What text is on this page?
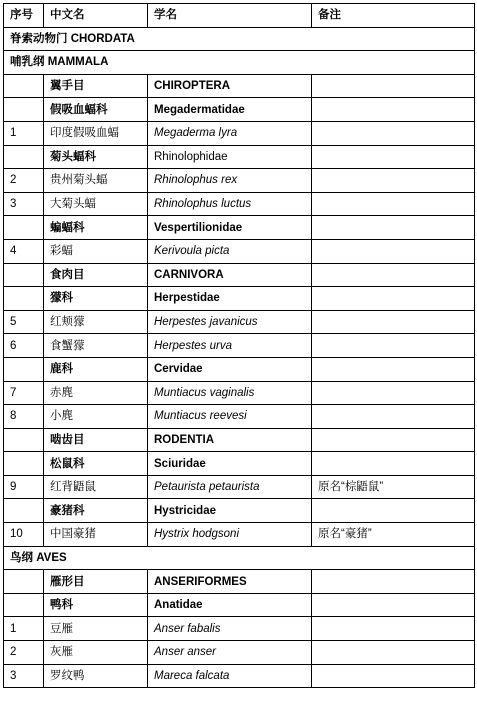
序号	中文名	学名	备注
脊索动物门 CHORDATA			
哺乳纲 MAMMALA			
	翼手目	CHIROPTERA	
	假吸血蝠科	Megadermatidae	
1	印度假吸血蝠	Megaderma lyra	
	菊头蝠科	Rhinolophidae	
2	贵州菊头蝠	Rhinolophus rex	
3	大菊头蝠	Rhinolophus luctus	
	蝙蝠科	Vespertilionidae	
4	彩蝠	Kerivoula picta	
	食肉目	CARNIVORA	
	獴科	Herpestidae	
5	红颊獴	Herpestes javanicus	
6	食蟹獴	Herpestes urva	
	鹿科	Cervidae	
7	赤麂	Muntiacus vaginalis	
8	小麂	Muntiacus reevesi	
	啮齿目	RODENTIA	
	松鼠科	Sciuridae	
9	红背鼯鼠	Petaurista petaurista	原名“棕鼯鼠”
	豪猪科	Hystricidae	
10	中国豪猪	Hystrix hodgsoni	原名“豪猪”
鸟纲 AVES			
	雁形目	ANSERIFORMES	
	鸭科	Anatidae	
1	豆雁	Anser fabalis	
2	灰雁	Anser anser	
3	罗纹鸭	Mareca falcata	
